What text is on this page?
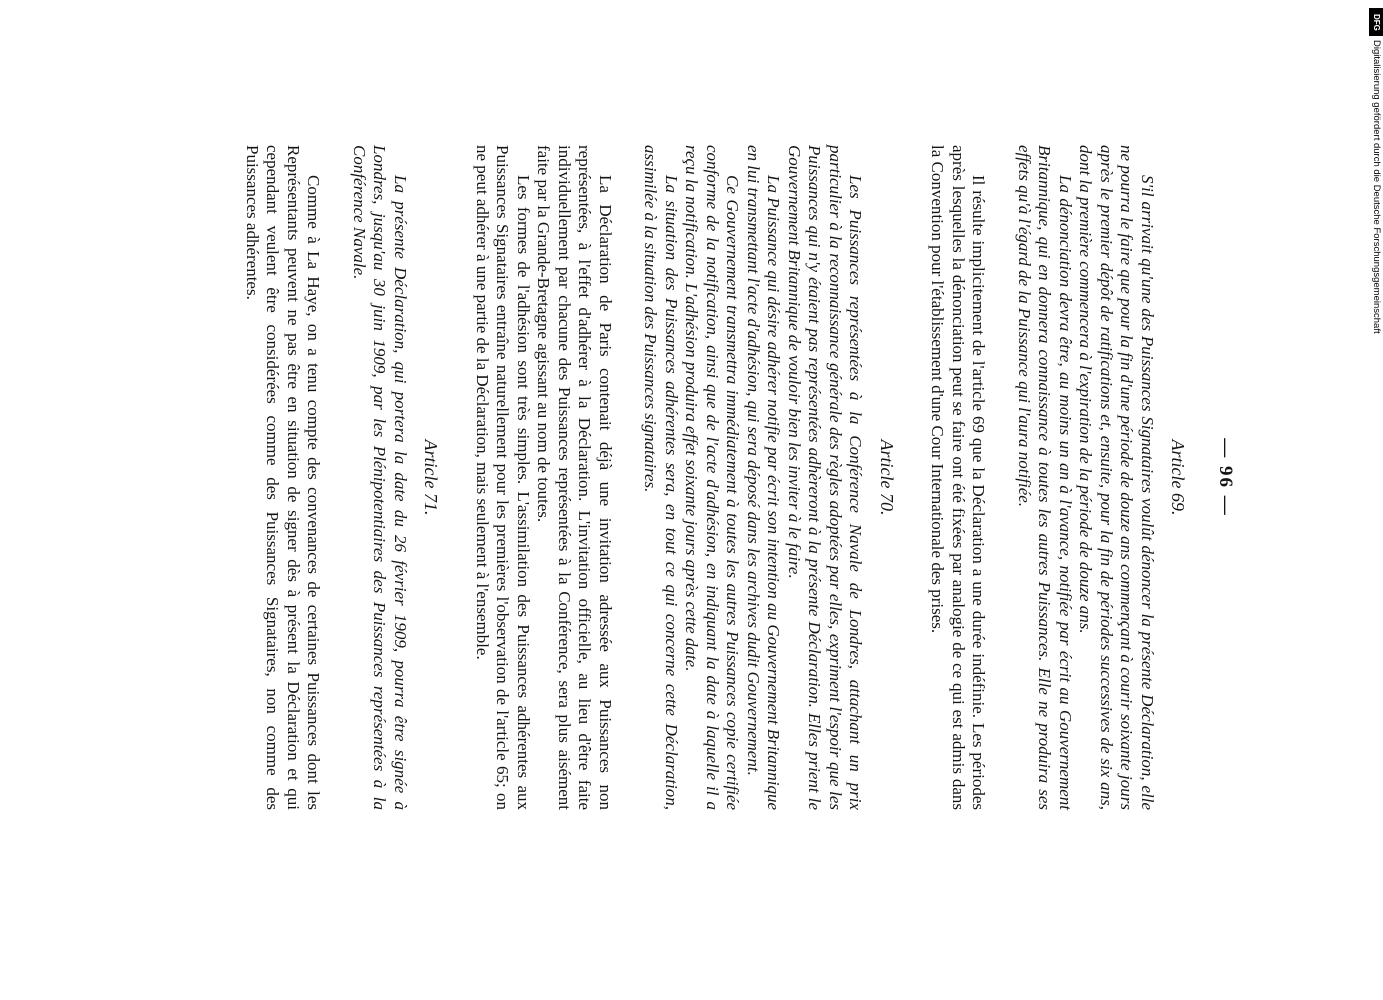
— 96 —
Article 69.

S'il arrivait qu'une des Puissances Signataires voulût dénoncer la présente Déclaration, elle ne pourra le faire que pour la fin d'une période de douze ans commençant à courir soixante jours après le premier dépôt de ratifications et, ensuite, pour la fin de périodes successives de six ans, dont la première commencera à l'expiration de la période de douze ans.

La dénonciation devra être, au moins un an à l'avance, notifiée par écrit au Gouvernement Britannique, qui en donnera connaissance à toutes les autres Puissances. Elle ne produira ses effets qu'à l'égard de la Puissance qui l'aura notifiée.

Il résulte implicitement de l'article 69 que la Déclaration a une durée indéfinie. Les périodes après lesquelles la dénonciation peut se faire ont été fixées par analogie de ce qui est admis dans la Convention pour l'établissement d'une Cour Internationale des prises.

Article 70.

Les Puissances représentées à la Conférence Navale de Londres, attachant un prix particulier à la reconnaissance générale des règles adoptées par elles, expriment l'espoir que les Puissances qui n'y étaient pas représentées adhèreront à la présente Déclaration. Elles prient le Gouvernement Britannique de vouloir bien les inviter à le faire.

La Puissance qui désire adhérer notifie par écrit son intention au Gouvernement Britannique en lui transmettant l'acte d'adhésion, qui sera déposé dans les archives dudit Gouvernement.

Ce Gouvernement transmettra immédiatement à toutes les autres Puissances copie certifiée conforme de la notification, ainsi que de l'acte d'adhésion, en indiquant la date à laquelle il a reçu la notification. L'adhésion produira effet soixante jours après cette date.

La situation des Puissances adhérentes sera, en tout ce qui concerne cette Déclaration, assimilée à la situation des Puissances signataires.

La Déclaration de Paris contenait déjà une invitation adressée aux Puissances non représentées, à l'effet d'adhérer à la Déclaration. L'invitation officielle, au lieu d'être faite individuellement par chacune des Puissances représentées à la Conférence, sera plus aisément faite par la Grande-Bretagne agissant au nom de toutes.

Les formes de l'adhésion sont très simples. L'assimilation des Puissances adhérentes aux Puissances Signataires entraîne naturellement pour les premières l'observation de l'article 65; on ne peut adhérer à une partie de la Déclaration, mais seulement à l'ensemble.

Article 71.

La présente Déclaration, qui portera la date du 26 février 1909, pourra être signée à Londres, jusqu'au 30 juin 1909, par les Plénipotentiaires des Puissances représentées à la Conférence Navale.

Comme à La Haye, on a tenu compte des convenances de certaines Puissances dont les Représentants peuvent ne pas être en situation de signer dès à présent la Déclaration et qui cependant veulent être considérées comme des Puissances Signataires, non comme des Puissances adhérentes.

DFG
Digitalisierung gefördert durch die Deutsche Forschungsgemeinschaft
